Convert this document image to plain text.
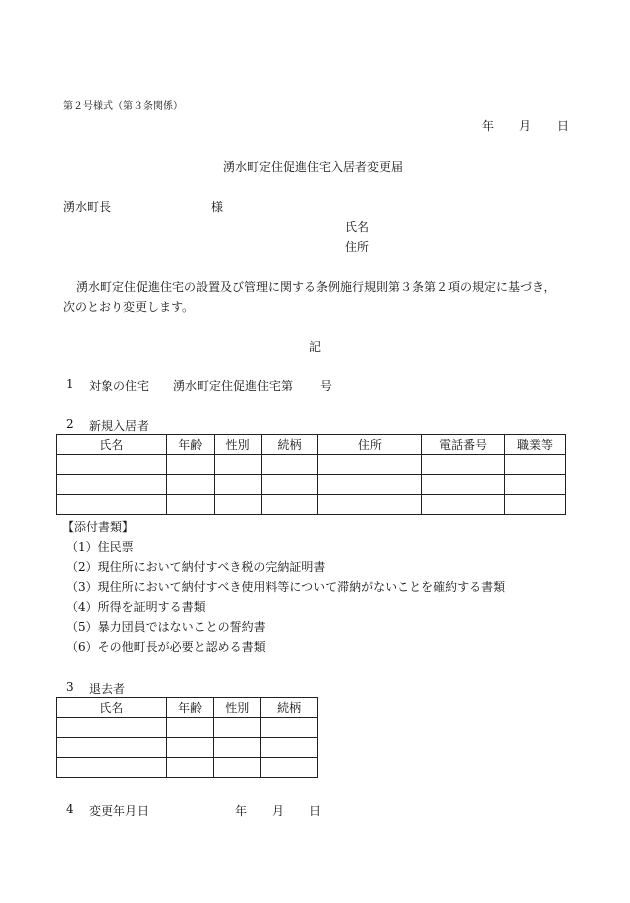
第２号様式（第３条関係）
年 月 日
湧水町定住促進住宅入居者変更届
湧水町長	様
氏名
住所
湧水町定住促進住宅の設置及び管理に関する条例施行規則第３条第２項の規定に基づき，
次のとおり変更します。
記
1 対象の住宅 湧水町定住促進住宅第 号
2 新規入居者
氏名	年齢	性別	続柄	住所	電話番号	職業等

【添付書類】
（1）住民票
（2）現住所において納付すべき税の完納証明書
（3）現住所において納付すべき使用料等について滞納がないことを確約する書類
（4）所得を証明する書類
（5）暴力団員ではないことの誓約書
（6）その他町長が必要と認める書類
3 退去者
氏名	年齢	性別	続柄

4 変更年月日	年 月 日
